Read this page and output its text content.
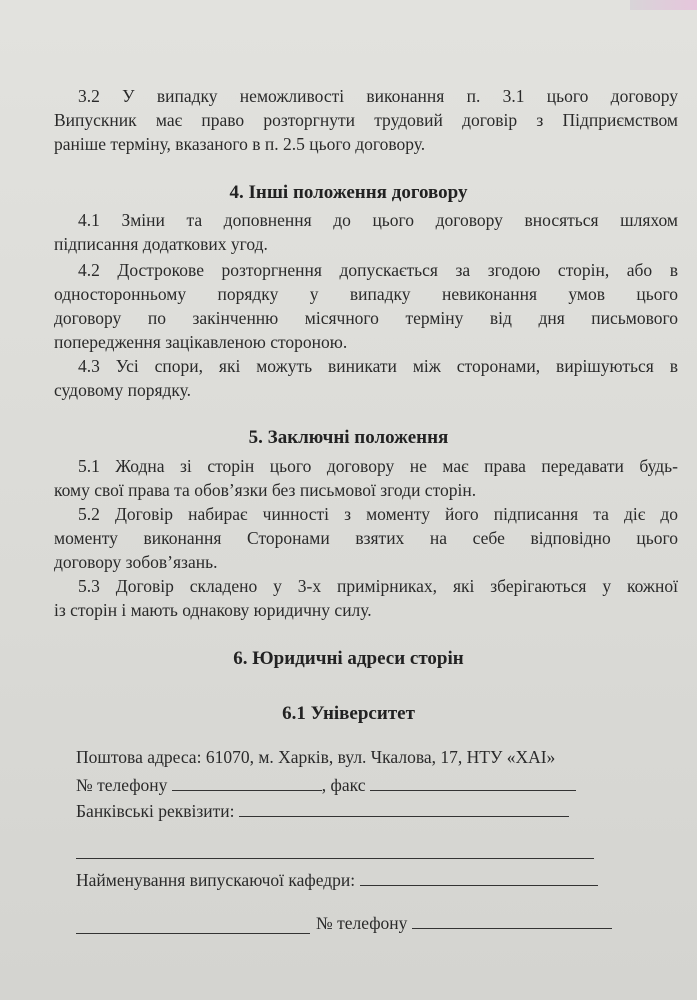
3.2 У випадку неможливості виконання п. 3.1 цього договору
Випускник має право розторгнути трудовий договір з Підприємством
раніше терміну, вказаного в п. 2.5 цього договору.
4. Інші положення договору
4.1 Зміни та доповнення до цього договору вносяться шляхом
підписання додаткових угод.
4.2 Дострокове розторгнення допускається за згодою сторін, або в
односторонньому порядку у випадку невиконання умов цього
договору по закінченню місячного терміну від дня письмового
попередження зацікавленою стороною.
4.3 Усі спори, які можуть виникати між сторонами, вирішуються в
судовому порядку.
5. Заключні положення
5.1 Жодна зі сторін цього договору не має права передавати будь-
кому свої права та обов’язки без письмової згоди сторін.
5.2 Договір набирає чинності з моменту його підписання та діє до
моменту виконання Сторонами взятих на себе відповідно цього
договору зобов’язань.
5.3 Договір складено у 3-х примірниках, які зберігаються у кожної
із сторін і мають однакову юридичну силу.
6. Юридичні адреси сторін
6.1 Університет
Поштова адреса: 61070, м. Харків, вул. Чкалова, 17, НТУ «ХАІ»
№ телефону	, факс
Банківські реквізити:
Найменування випускаючої кафедри:
№ телефону
